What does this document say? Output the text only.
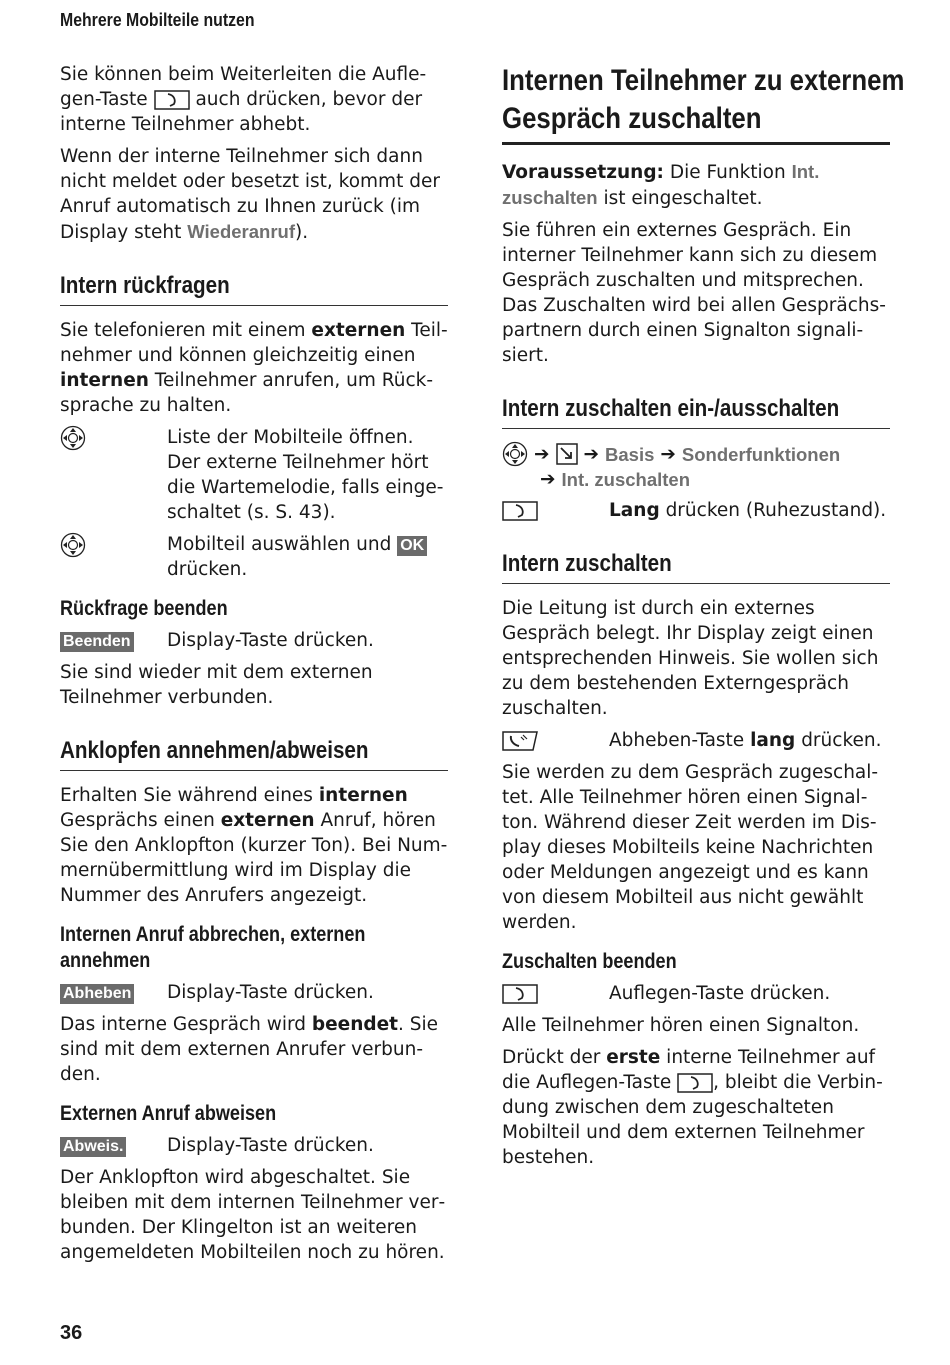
Mehrere Mobilteile nutzen

Sie können beim Weiterleiten die Aufle-
gen-Taste	auch drücken, bevor der
interne Teilnehmer abhebt.

Wenn der interne Teilnehmer sich dann nicht meldet oder besetzt ist, kommt der Anruf automatisch zu Ihnen zurück (im Display steht Wiederanruf).

Intern rückfragen

Sie telefonieren mit einem externen Teilnehmer und können gleichzeitig einen internen Teilnehmer anrufen, um Rücksprache zu halten.

Liste der Mobilteile öffnen. Der externe Teilnehmer hört die Wartemelodie, falls eingeschaltet (s. S. 43).
Mobilteil auswählen und OK
drücken.
Rückfrage beenden
Beenden	Display-Taste drücken.

Sie sind wieder mit dem externen Teilnehmer verbunden.

Anklopfen annehmen/abweisen

Erhalten Sie während eines internen Gesprächs einen externen Anruf, hören Sie den Anklopfton (kurzer Ton). Bei Nummernübermittlung wird im Display die Nummer des Anrufers angezeigt.

Internen Anruf abbrechen, externen
annehmen
Abheben	Display-Taste drücken.

Das interne Gespräch wird beendet. Sie sind mit dem externen Anrufer verbunden.

Externen Anruf abweisen
Abweis.	Display-Taste drücken.

Der Anklopfton wird abgeschaltet. Sie bleiben mit dem internen Teilnehmer verbunden. Der Klingelton ist an weiteren angemeldeten Mobilteilen noch zu hören.

Internen Teilnehmer zu externem
Gespräch zuschalten

Voraussetzung: Die Funktion Int. zuschalten ist eingeschaltet.

Sie führen ein externes Gespräch. Ein interner Teilnehmer kann sich zu diesem Gespräch zuschalten und mitsprechen. Das Zuschalten wird bei allen Gesprächspartnern durch einen Signalton signalisiert.

Intern zuschalten ein-/ausschalten
➔ ➔ Basis ➔ Sonderfunktionen
➔ Int. zuschalten
Lang drücken (Ruhezustand).
Intern zuschalten

Die Leitung ist durch ein externes Gespräch belegt. Ihr Display zeigt einen entsprechenden Hinweis. Sie wollen sich zu dem bestehenden Externgespräch zuschalten.

Abheben-Taste lang drücken.

Sie werden zu dem Gespräch zugeschaltet. Alle Teilnehmer hören einen Signalton. Während dieser Zeit werden im Display dieses Mobilteils keine Nachrichten oder Meldungen angezeigt und es kann von diesem Mobilteil aus nicht gewählt werden.

Zuschalten beenden
Auflegen-Taste drücken.

Alle Teilnehmer hören einen Signalton.

Drückt der erste interne Teilnehmer auf die Auflegen-Taste , bleibt die Verbindung zwischen dem zugeschalteten Mobilteil und dem externen Teilnehmer bestehen.

36
